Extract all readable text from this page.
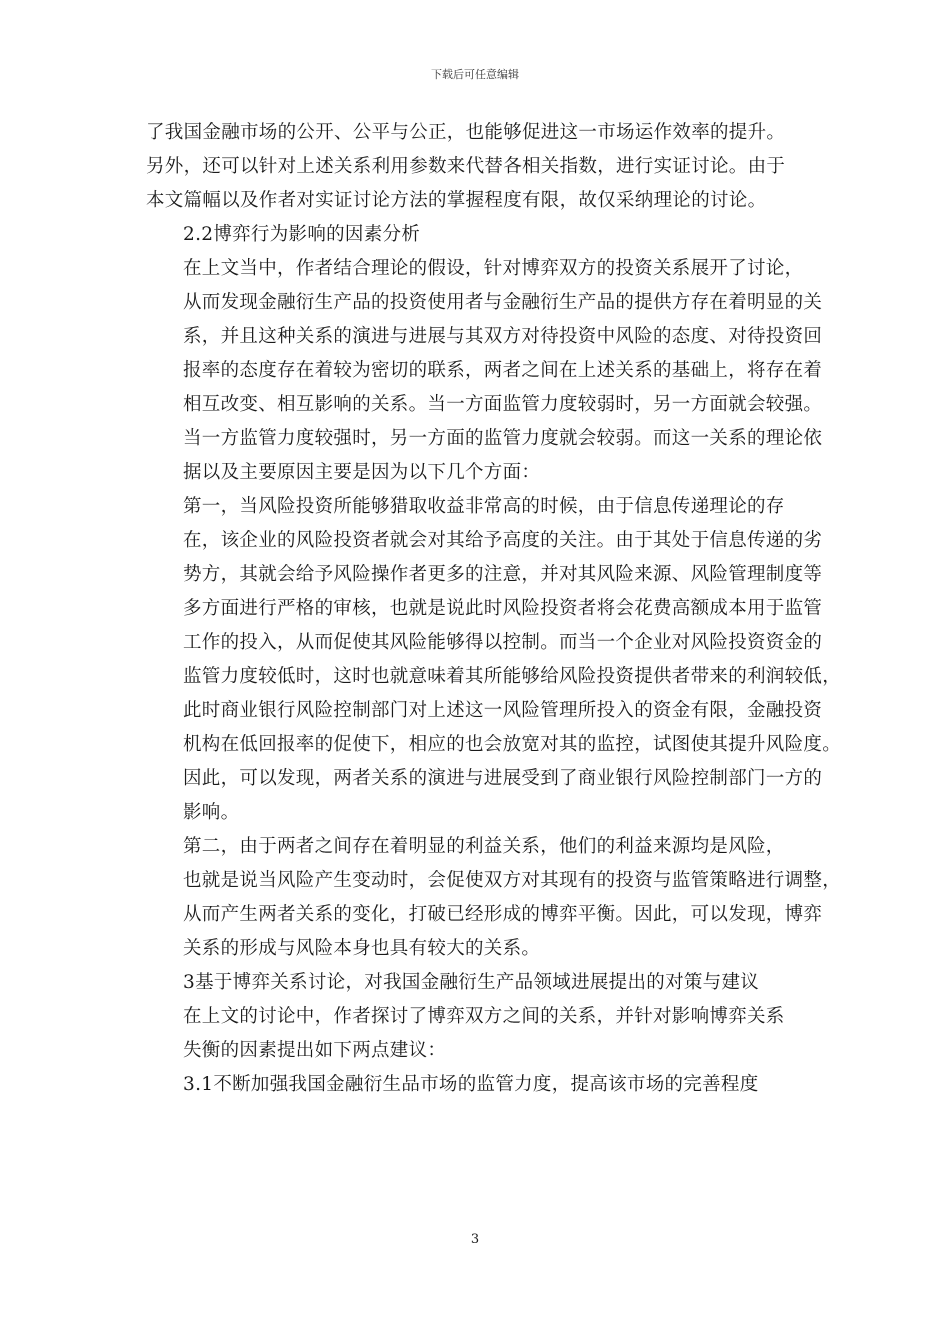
下载后可任意编辑

了我国金融市场的公开、公平与公正，也能够促进这一市场运作效率的提升。
另外，还可以针对上述关系利用参数来代替各相关指数，进行实证讨论。由于
本文篇幅以及作者对实证讨论方法的掌握程度有限，故仅采纳理论的讨论。

2.2博弈行为影响的因素分析

在上文当中，作者结合理论的假设，针对博弈双方的投资关系展开了讨论，
从而发现金融衍生产品的投资使用者与金融衍生产品的提供方存在着明显的关
系，并且这种关系的演进与进展与其双方对待投资中风险的态度、对待投资回
报率的态度存在着较为密切的联系，两者之间在上述关系的基础上，将存在着
相互改变、相互影响的关系。当一方面监管力度较弱时，另一方面就会较强。
当一方监管力度较强时，另一方面的监管力度就会较弱。而这一关系的理论依
据以及主要原因主要是因为以下几个方面：

第一，当风险投资所能够猎取收益非常高的时候，由于信息传递理论的存
在，该企业的风险投资者就会对其给予高度的关注。由于其处于信息传递的劣
势方，其就会给予风险操作者更多的注意，并对其风险来源、风险管理制度等
多方面进行严格的审核，也就是说此时风险投资者将会花费高额成本用于监管
工作的投入，从而促使其风险能够得以控制。而当一个企业对风险投资资金的
监管力度较低时，这时也就意味着其所能够给风险投资提供者带来的利润较低，
此时商业银行风险控制部门对上述这一风险管理所投入的资金有限，金融投资
机构在低回报率的促使下，相应的也会放宽对其的监控，试图使其提升风险度。
因此，可以发现，两者关系的演进与进展受到了商业银行风险控制部门一方的
影响。

第二，由于两者之间存在着明显的利益关系，他们的利益来源均是风险，
也就是说当风险产生变动时，会促使双方对其现有的投资与监管策略进行调整，
从而产生两者关系的变化，打破已经形成的博弈平衡。因此，可以发现，博弈
关系的形成与风险本身也具有较大的关系。

3基于博弈关系讨论，对我国金融衍生产品领域进展提出的对策与建议

在上文的讨论中，作者探讨了博弈双方之间的关系，并针对影响博弈关系
失衡的因素提出如下两点建议：

3.1不断加强我国金融衍生品市场的监管力度，提高该市场的完善程度

3
